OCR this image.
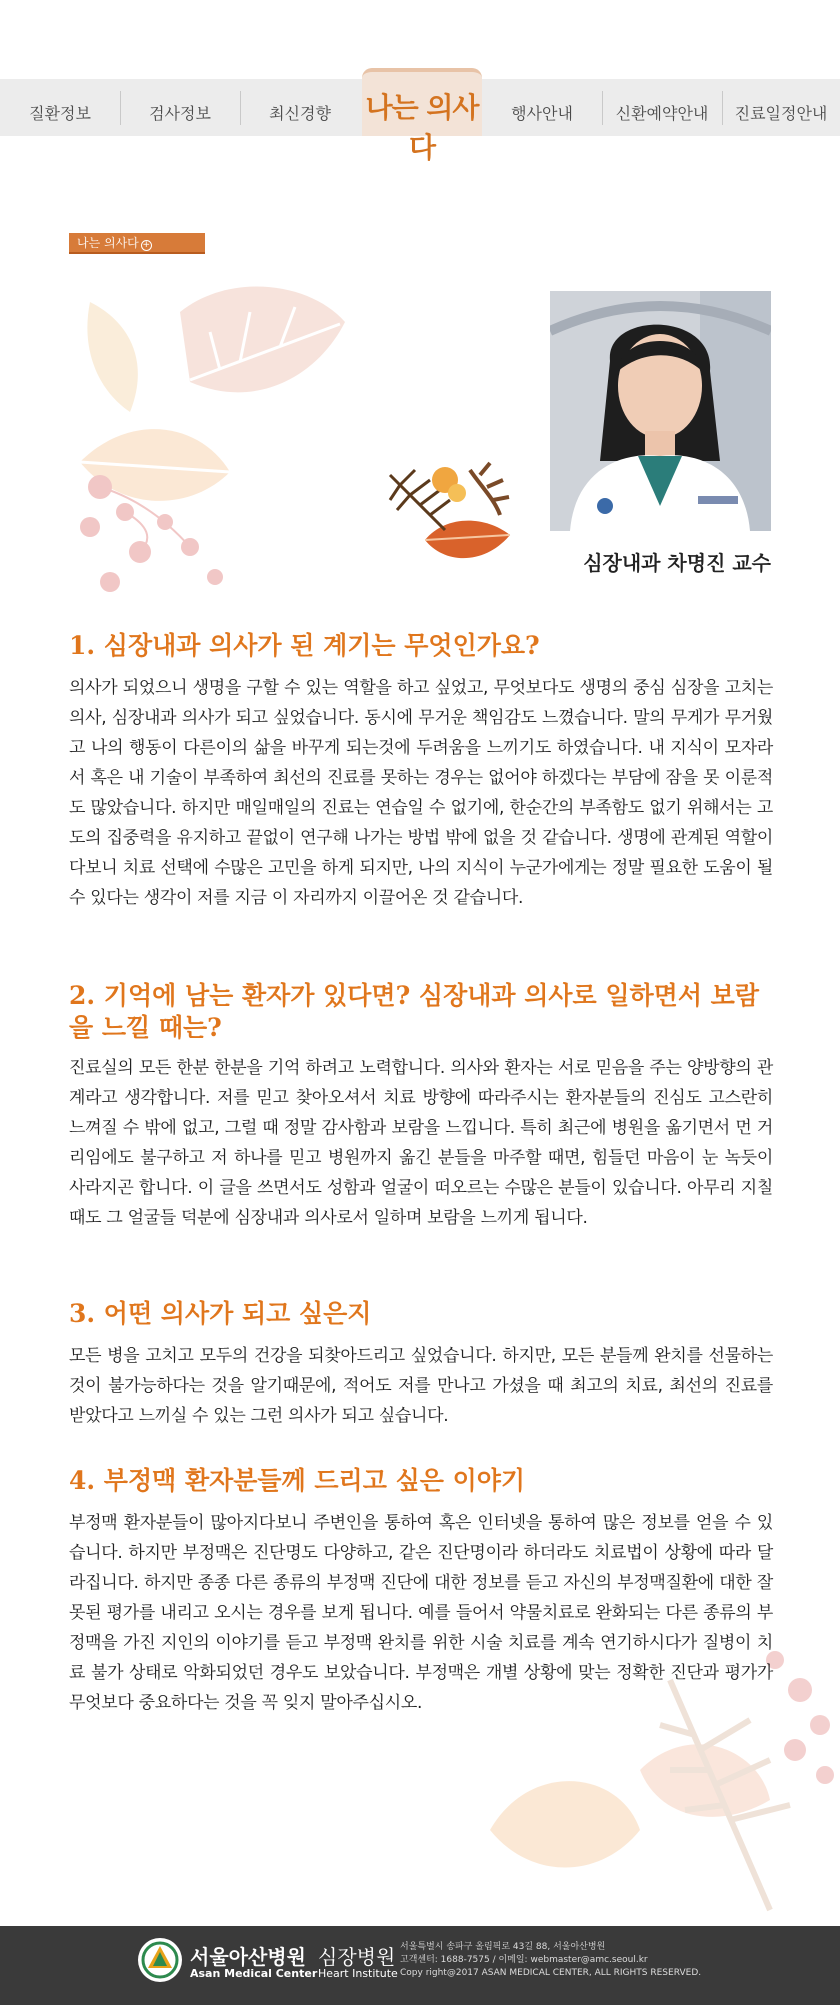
질환정보	검사정보	최신경향	행사안내	신환예약안내 진료일정안내
나는 의사다
나는 의사다 +
심장내과 차명진 교수
1. 심장내과 의사가 된 계기는 무엇인가요?
의사가 되었으니 생명을 구할 수 있는 역할을 하고 싶었고, 무엇보다도 생명의 중심 심장을 고치는 의사, 심장내과 의사가 되고 싶었습니다. 동시에 무거운 책임감도 느꼈습니다. 말의 무게가 무거웠고 나의 행동이 다른이의 삶을 바꾸게 되는것에 두려움을 느끼기도 하였습니다. 내 지식이 모자라서 혹은 내 기술이 부족하여 최선의 진료를 못하는 경우는 없어야 하겠다는 부담에 잠을 못 이룬적도 많았습니다. 하지만 매일매일의 진료는 연습일 수 없기에, 한순간의 부족함도 없기 위해서는 고도의 집중력을 유지하고 끝없이 연구해 나가는 방법 밖에 없을 것 같습니다. 생명에 관계된 역할이다보니 치료 선택에 수많은 고민을 하게 되지만, 나의 지식이 누군가에게는 정말 필요한 도움이 될 수 있다는 생각이 저를 지금 이 자리까지 이끌어온 것 같습니다.
2. 기억에 남는 환자가 있다면? 심장내과 의사로 일하면서 보람을 느낄 때는?
진료실의 모든 한분 한분을 기억 하려고 노력합니다. 의사와 환자는 서로 믿음을 주는 양방향의 관계라고 생각합니다. 저를 믿고 찾아오셔서 치료 방향에 따라주시는 환자분들의 진심도 고스란히 느껴질 수 밖에 없고, 그럴 때 정말 감사함과 보람을 느낍니다. 특히 최근에 병원을 옮기면서 먼 거리임에도 불구하고 저 하나를 믿고 병원까지 옮긴 분들을 마주할 때면, 힘들던 마음이 눈 녹듯이 사라지곤 합니다. 이 글을 쓰면서도 성함과 얼굴이 떠오르는 수많은 분들이 있습니다. 아무리 지칠 때도 그 얼굴들 덕분에 심장내과 의사로서 일하며 보람을 느끼게 됩니다.
3. 어떤 의사가 되고 싶은지
모든 병을 고치고 모두의 건강을 되찾아드리고 싶었습니다. 하지만, 모든 분들께 완치를 선물하는 것이 불가능하다는 것을 알기때문에, 적어도 저를 만나고 가셨을 때 최고의 치료, 최선의 진료를 받았다고 느끼실 수 있는 그런 의사가 되고 싶습니다.
4. 부정맥 환자분들께 드리고 싶은 이야기
부정맥 환자분들이 많아지다보니 주변인을 통하여 혹은 인터넷을 통하여 많은 정보를 얻을 수 있습니다. 하지만 부정맥은 진단명도 다양하고, 같은 진단명이라 하더라도 치료법이 상황에 따라 달라집니다. 하지만 종종 다른 종류의 부정맥 진단에 대한 정보를 듣고 자신의 부정맥질환에 대한 잘못된 평가를 내리고 오시는 경우를 보게 됩니다. 예를 들어서 약물치료로 완화되는 다른 종류의 부정맥을 가진 지인의 이야기를 듣고 부정맥 완치를 위한 시술 치료를 계속 연기하시다가 질병이 치료 불가 상태로 악화되었던 경우도 보았습니다. 부정맥은 개별 상황에 맞는 정확한 진단과 평가가 무엇보다 중요하다는 것을 꼭 잊지 말아주십시오.
서울아산병원
Asan Medical Center
심장병원
Heart Institute
서울특별시 송파구 올림픽로 43길 88, 서울아산병원
고객센터: 1688-7575 / 이메일: webmaster@amc.seoul.kr
Copy right@2017 ASAN MEDICAL CENTER, ALL RIGHTS RESERVED.
